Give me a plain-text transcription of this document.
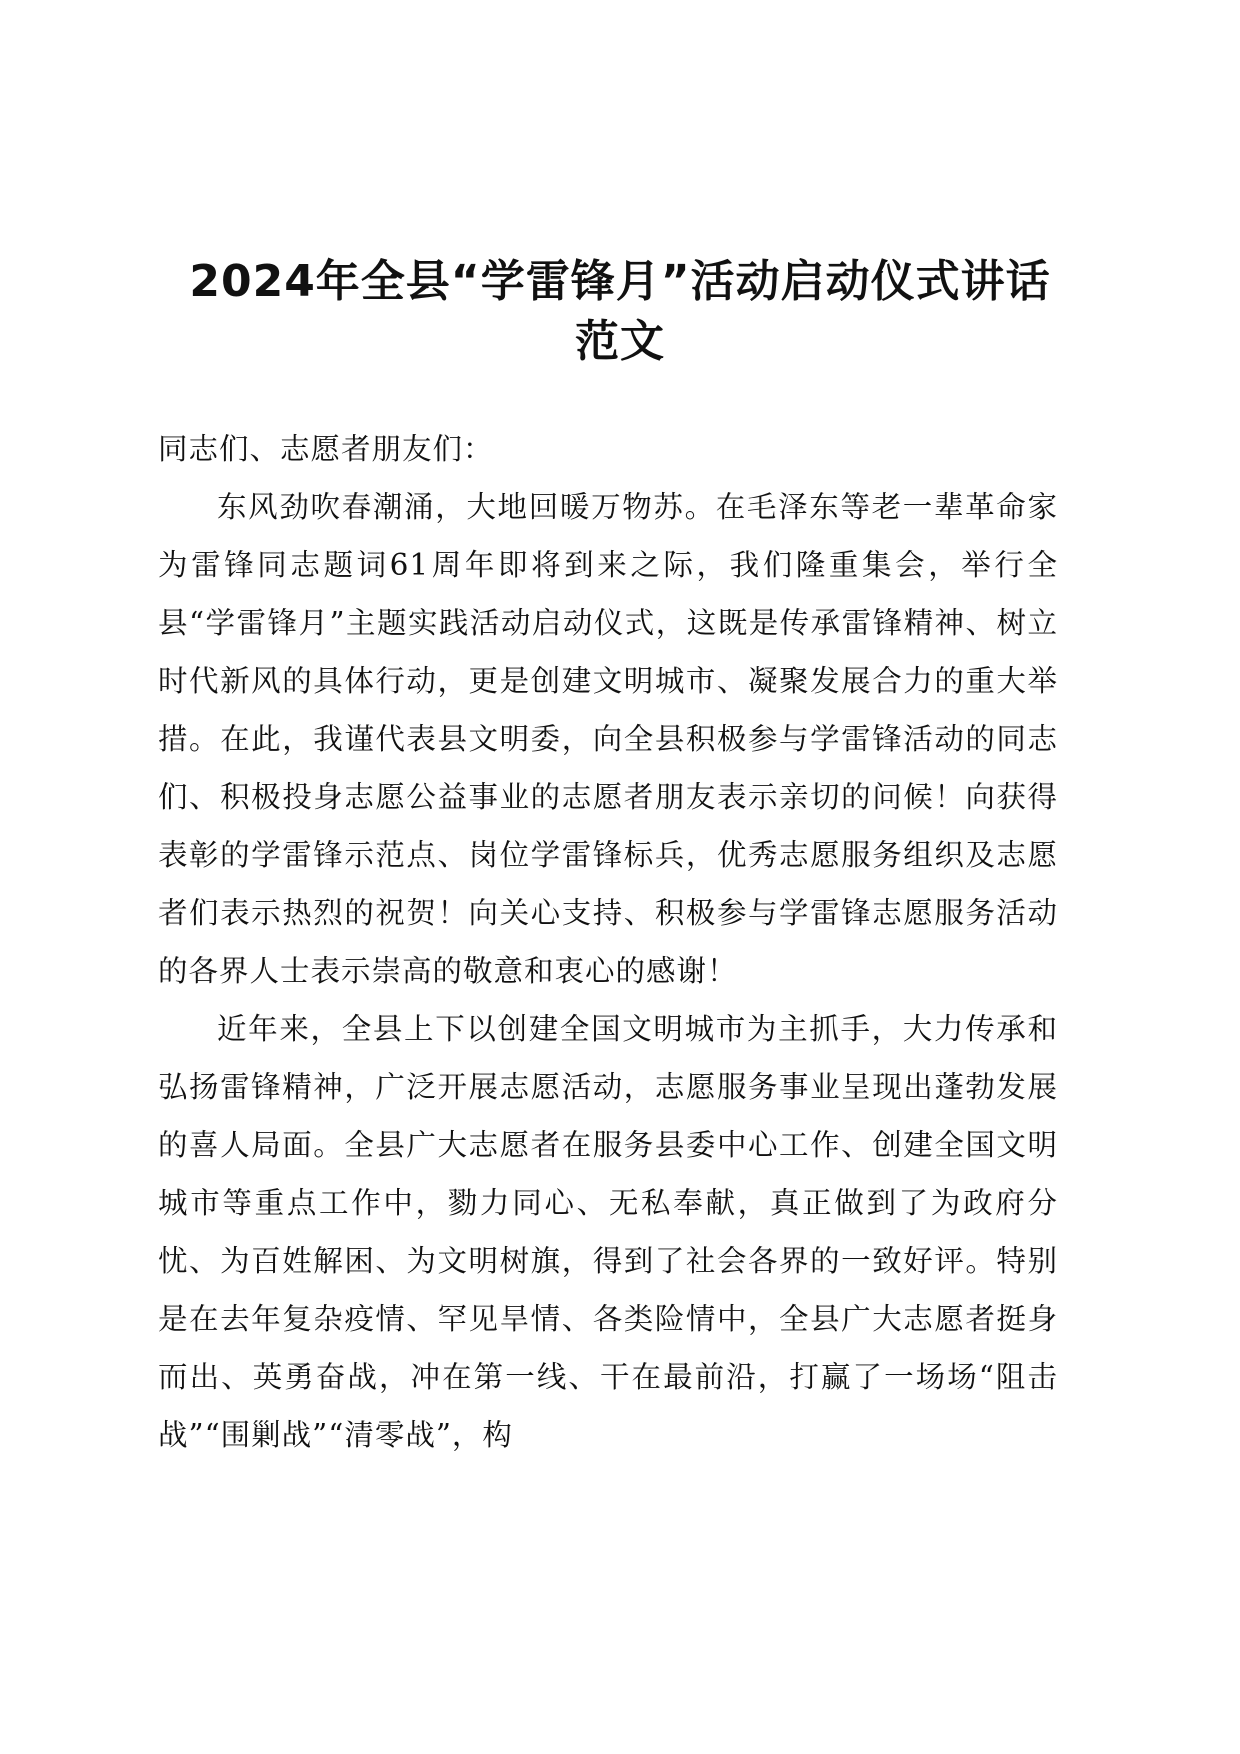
2024年全县“学雷锋月”活动启动仪式讲话
范文

同志们、志愿者朋友们：

东风劲吹春潮涌，大地回暖万物苏。在毛泽东等老一辈革命家为雷锋同志题词61周年即将到来之际，我们隆重集会，举行全县“学雷锋月”主题实践活动启动仪式，这既是传承雷锋精神、树立时代新风的具体行动，更是创建文明城市、凝聚发展合力的重大举措。在此，我谨代表县文明委，向全县积极参与学雷锋活动的同志们、积极投身志愿公益事业的志愿者朋友表示亲切的问候！向获得表彰的学雷锋示范点、岗位学雷锋标兵，优秀志愿服务组织及志愿者们表示热烈的祝贺！向关心支持、积极参与学雷锋志愿服务活动的各界人士表示崇高的敬意和衷心的感谢！

近年来，全县上下以创建全国文明城市为主抓手，大力传承和弘扬雷锋精神，广泛开展志愿活动，志愿服务事业呈现出蓬勃发展的喜人局面。全县广大志愿者在服务县委中心工作、创建全国文明城市等重点工作中，勠力同心、无私奉献，真正做到了为政府分忧、为百姓解困、为文明树旗，得到了社会各界的一致好评。特别是在去年复杂疫情、罕见旱情、各类险情中，全县广大志愿者挺身而出、英勇奋战，冲在第一线、干在最前沿，打赢了一场场“阻击战”“围剿战”“清零战”，构
